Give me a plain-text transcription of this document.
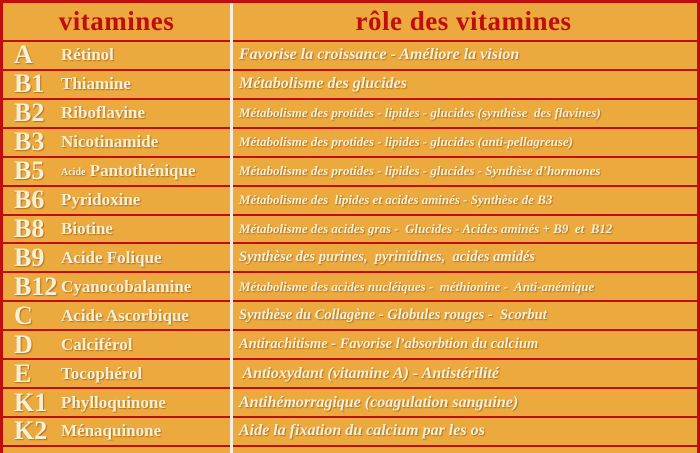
vitamines	rôle des vitamines
A	Rétinol	Favorise la croissance - Améliore la vision
B1 Thiamine	Métabolisme des glucides
B2 Riboflavine	Métabolisme des protides - lipides - glucides (synthèse  des flavines)
B3 Nicotinamide	Métabolisme des protides - lipides - glucides (anti-pellagreuse)
B5	Acide Pantothénique	Métabolisme des protides - lipides - glucides - Synthèse d’hormones
B6 Pyridoxine	Métabolisme des  lipides et acides aminés - Synthèse de B3
B8 Biotine	Métabolisme des acides gras -  Glucides - Acides aminés + B9  et  B12
B9 Acide Folique	Synthèse des purines,  pyrinidines,  acides amidés
B12 Cyanocobalamine	Métabolisme des acides nucléiques -  méthionine -  Anti-anémique
C	Acide Ascorbique	Synthèse du Collagène - Globules rouges -  Scorbut
D	Calciférol	Antirachitisme - Favorise l’absorbtion du calcium
E	Tocophérol	Antioxydant (vitamine A) - Antistérilité
K1 Phylloquinone	Antihémorragique (coagulation sanguine)
K2 Ménaquinone	Aide la fixation du calcium par les os
